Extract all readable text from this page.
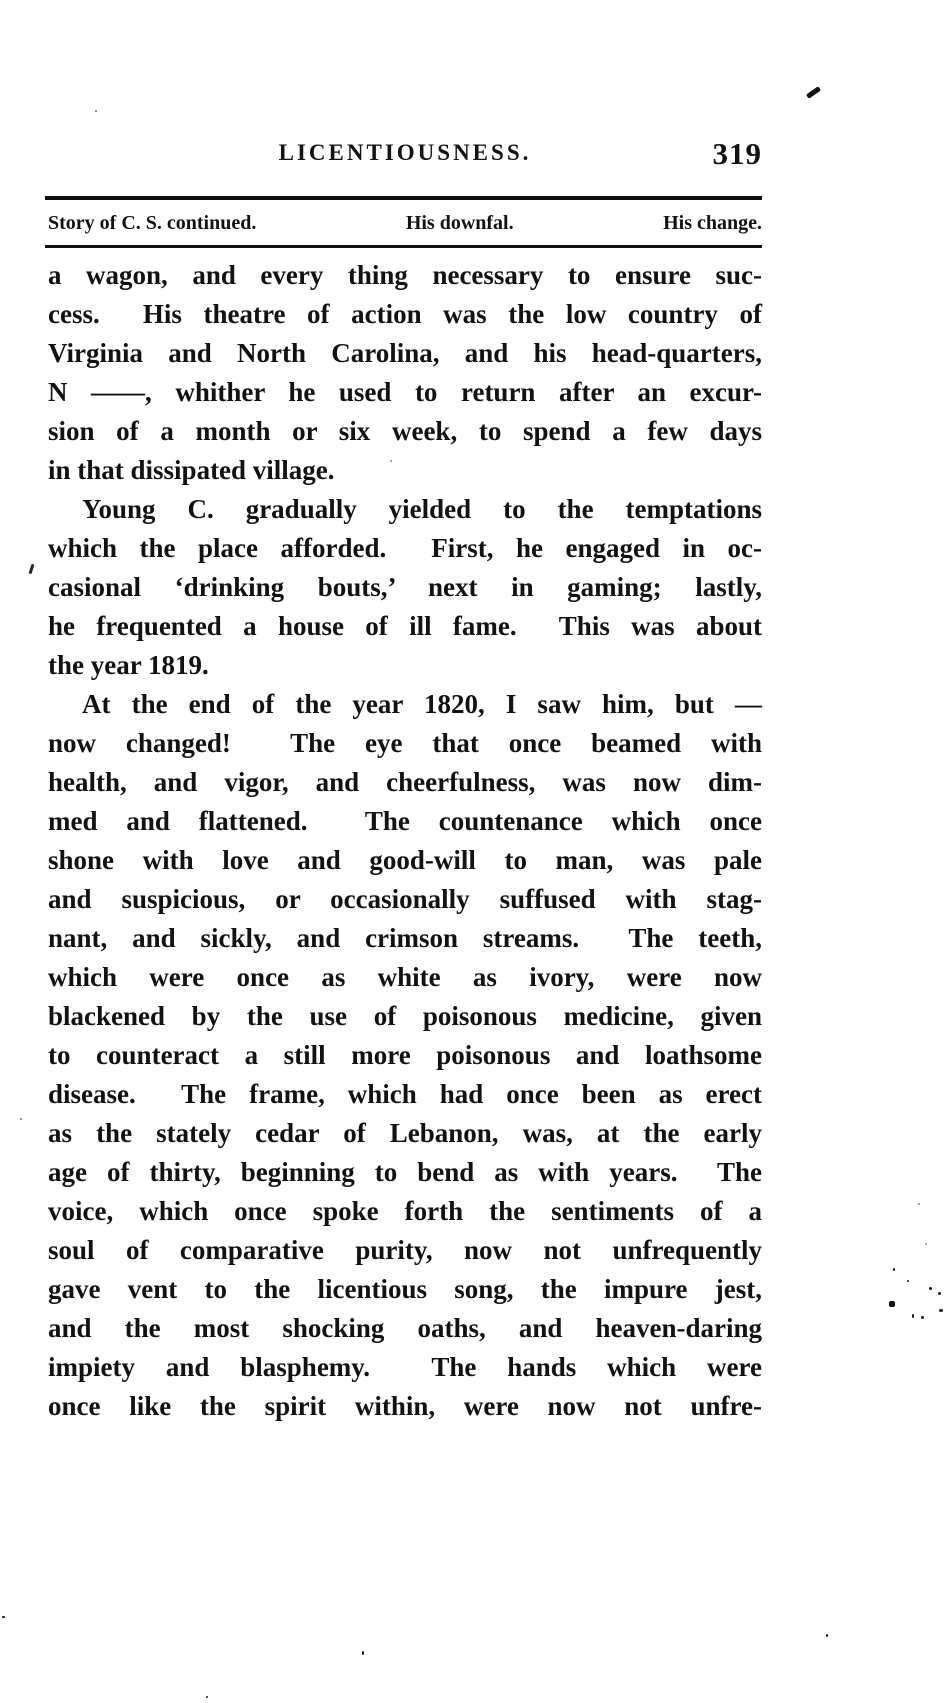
LICENTIOUSNESS.	319
Story of C. S. continued.	His downfal.	His change.
a wagon, and every thing necessary to ensure suc-
cess.  His theatre of action was the low country of
Virginia and North Carolina, and his head-quarters,
N ——, whither he used to return after an excur-
sion of a month or six week, to spend a few days
in that dissipated village.
Young C. gradually yielded to the temptations
which the place afforded.  First, he engaged in oc-
casional ‘drinking bouts,’ next in gaming; lastly,
he frequented a house of ill fame.  This was about
the year 1819.
At the end of the year 1820, I saw him, but —
now changed!  The eye that once beamed with
health, and vigor, and cheerfulness, was now dim-
med and flattened.  The countenance which once
shone with love and good-will to man, was pale
and suspicious, or occasionally suffused with stag-
nant, and sickly, and crimson streams.  The teeth,
which were once as white as ivory, were now
blackened by the use of poisonous medicine, given
to counteract a still more poisonous and loathsome
disease.  The frame, which had once been as erect
as the stately cedar of Lebanon, was, at the early
age of thirty, beginning to bend as with years.  The
voice, which once spoke forth the sentiments of a
soul of comparative purity, now not unfrequently
gave vent to the licentious song, the impure jest,
and the most shocking oaths, and heaven-daring
impiety and blasphemy.  The hands which were
once like the spirit within, were now not unfre-
